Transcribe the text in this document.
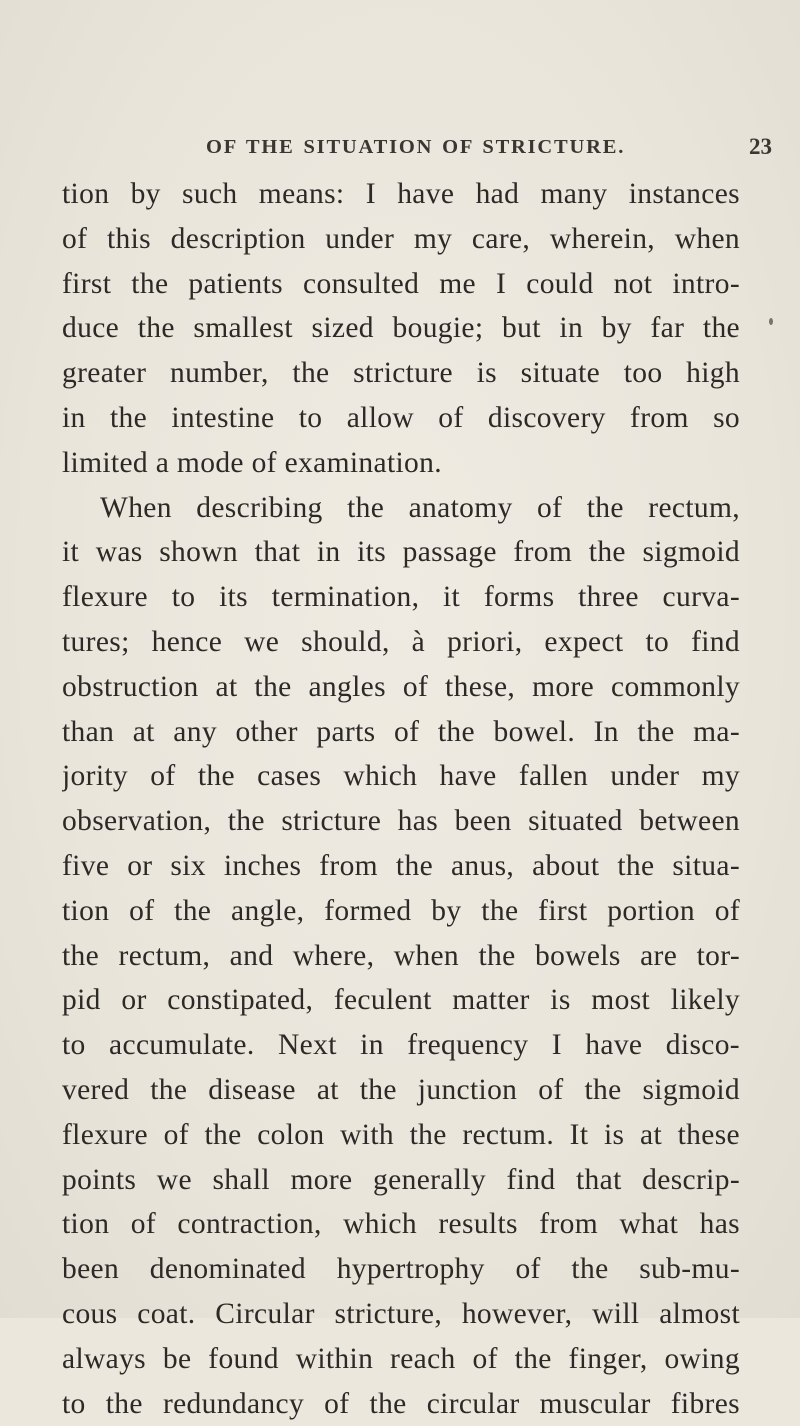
OF THE SITUATION OF STRICTURE.	23
tion by such means: I have had many instances
of this description under my care, wherein, when
first the patients consulted me I could not intro-
duce the smallest sized bougie; but in by far the
greater number, the stricture is situate too high
in the intestine to allow of discovery from so
limited a mode of examination.
When describing the anatomy of the rectum,
it was shown that in its passage from the sigmoid
flexure to its termination, it forms three curva-
tures; hence we should, à priori, expect to find
obstruction at the angles of these, more commonly
than at any other parts of the bowel. In the ma-
jority of the cases which have fallen under my
observation, the stricture has been situated between
five or six inches from the anus, about the situa-
tion of the angle, formed by the first portion of
the rectum, and where, when the bowels are tor-
pid or constipated, feculent matter is most likely
to accumulate. Next in frequency I have disco-
vered the disease at the junction of the sigmoid
flexure of the colon with the rectum. It is at these
points we shall more generally find that descrip-
tion of contraction, which results from what has
been denominated hypertrophy of the sub-mu-
cous coat. Circular stricture, however, will almost
always be found within reach of the finger, owing
to the redundancy of the circular muscular fibres
